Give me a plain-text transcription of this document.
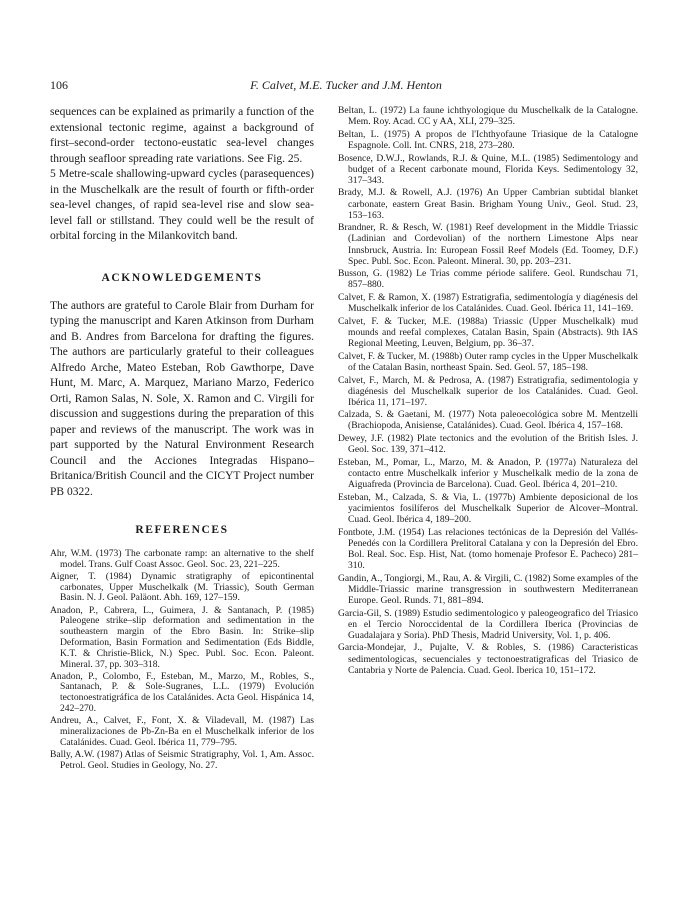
106	F. Calvet, M.E. Tucker and J.M. Henton

sequences can be explained as primarily a function of the extensional tectonic regime, against a background of first–second-order tectono-eustatic sea-level changes through seafloor spreading rate variations. See Fig. 25.

5 Metre-scale shallowing-upward cycles (parasequences) in the Muschelkalk are the result of fourth or fifth-order sea-level changes, of rapid sea-level rise and slow sea-level fall or stillstand. They could well be the result of orbital forcing in the Milankovitch band.

ACKNOWLEDGEMENTS

The authors are grateful to Carole Blair from Durham for typing the manuscript and Karen Atkinson from Durham and B. Andres from Barcelona for drafting the figures. The authors are particularly grateful to their colleagues Alfredo Arche, Mateo Esteban, Rob Gawthorpe, Dave Hunt, M. Marc, A. Marquez, Mariano Marzo, Federico Orti, Ramon Salas, N. Sole, X. Ramon and C. Virgili for discussion and suggestions during the preparation of this paper and reviews of the manuscript. The work was in part supported by the Natural Environment Research Council and the Acciones Integradas Hispano–Britanica/British Council and the CICYT Project number PB 0322.

REFERENCES
Ahr, W.M. (1973) The carbonate ramp: an alternative to the shelf model. Trans. Gulf Coast Assoc. Geol. Soc. 23, 221–225.
Aigner, T. (1984) Dynamic stratigraphy of epicontinental carbonates, Upper Muschelkalk (M. Triassic), South German Basin. N. J. Geol. Paläont. Abh. 169, 127–159.
Anadon, P., Cabrera, L., Guimera, J. & Santanach, P. (1985) Paleogene strike–slip deformation and sedimentation in the southeastern margin of the Ebro Basin. In: Strike–slip Deformation, Basin Formation and Sedimentation (Eds Biddle, K.T. & Christie-Blick, N.) Spec. Publ. Soc. Econ. Paleont. Mineral. 37, pp. 303–318.
Anadon, P., Colombo, F., Esteban, M., Marzo, M., Robles, S., Santanach, P. & Sole-Sugranes, L.L. (1979) Evolución tectonoestratigráfica de los Catalánides. Acta Geol. Hispánica 14, 242–270.
Andreu, A., Calvet, F., Font, X. & Viladevall, M. (1987) Las mineralizaciones de Pb-Zn-Ba en el Muschelkalk inferior de los Catalánides. Cuad. Geol. Ibérica 11, 779–795.
Bally, A.W. (1987) Atlas of Seismic Stratigraphy, Vol. 1, Am. Assoc. Petrol. Geol. Studies in Geology, No. 27.
Beltan, L. (1972) La faune ichthyologique du Muschelkalk de la Catalogne. Mem. Roy. Acad. CC y AA, XLI, 279–325.
Beltan, L. (1975) A propos de l'Ichthyofaune Triasique de la Catalogne Espagnole. Coll. Int. CNRS, 218, 273–280.
Bosence, D.W.J., Rowlands, R.J. & Quine, M.L. (1985) Sedimentology and budget of a Recent carbonate mound, Florida Keys. Sedimentology 32, 317–343.
Brady, M.J. & Rowell, A.J. (1976) An Upper Cambrian subtidal blanket carbonate, eastern Great Basin. Brigham Young Univ., Geol. Stud. 23, 153–163.
Brandner, R. & Resch, W. (1981) Reef development in the Middle Triassic (Ladinian and Cordevolian) of the northern Limestone Alps near Innsbruck, Austria. In: European Fossil Reef Models (Ed. Toomey, D.F.) Spec. Publ. Soc. Econ. Paleont. Mineral. 30, pp. 203–231.
Busson, G. (1982) Le Trias comme période salifere. Geol. Rundschau 71, 857–880.
Calvet, F. & Ramon, X. (1987) Estratigrafia, sedimentología y diagénesis del Muschelkalk inferior de los Catalánides. Cuad. Geol. Ibérica 11, 141–169.
Calvet, F. & Tucker, M.E. (1988a) Triassic (Upper Muschelkalk) mud mounds and reefal complexes, Catalan Basin, Spain (Abstracts). 9th IAS Regional Meeting, Leuven, Belgium, pp. 36–37.
Calvet, F. & Tucker, M. (1988b) Outer ramp cycles in the Upper Muschelkalk of the Catalan Basin, northeast Spain. Sed. Geol. 57, 185–198.
Calvet, F., March, M. & Pedrosa, A. (1987) Estratigrafia, sedimentologia y diagénesis del Muschelkalk superior de los Catalánides. Cuad. Geol. Ibérica 11, 171–197.
Calzada, S. & Gaetani, M. (1977) Nota paleoecológica sobre M. Mentzelli (Brachiopoda, Anisiense, Catalánides). Cuad. Geol. Ibérica 4, 157–168.
Dewey, J.F. (1982) Plate tectonics and the evolution of the British Isles. J. Geol. Soc. 139, 371–412.
Esteban, M., Pomar, L., Marzo, M. & Anadon, P. (1977a) Naturaleza del contacto entre Muschelkalk inferior y Muschelkalk medio de la zona de Aiguafreda (Provincia de Barcelona). Cuad. Geol. Ibérica 4, 201–210.
Esteban, M., Calzada, S. & Via, L. (1977b) Ambiente deposicional de los yacimientos fosilíferos del Muschelkalk Superior de Alcover–Montral. Cuad. Geol. Ibérica 4, 189–200.
Fontbote, J.M. (1954) Las relaciones tectónicas de la Depresión del Vallés-Penedés con la Cordillera Prelitoral Catalana y con la Depresión del Ebro. Bol. Real. Soc. Esp. Hist, Nat. (tomo homenaje Profesor E. Pacheco) 281–310.
Gandin, A., Tongiorgi, M., Rau, A. & Virgili, C. (1982) Some examples of the Middle-Triassic marine transgression in southwestern Mediterranean Europe. Geol. Runds. 71, 881–894.
Garcia-Gil, S. (1989) Estudio sedimentologico y paleogeografico del Triasico en el Tercio Noroccidental de la Cordillera Iberica (Provincias de Guadalajara y Soria). PhD Thesis, Madrid University, Vol. 1, p. 406.
Garcia-Mondejar, J., Pujalte, V. & Robles, S. (1986) Caracteristicas sedimentologicas, secuenciales y tectonoestratigraficas del Triasico de Cantabria y Norte de Palencia. Cuad. Geol. Iberica 10, 151–172.
